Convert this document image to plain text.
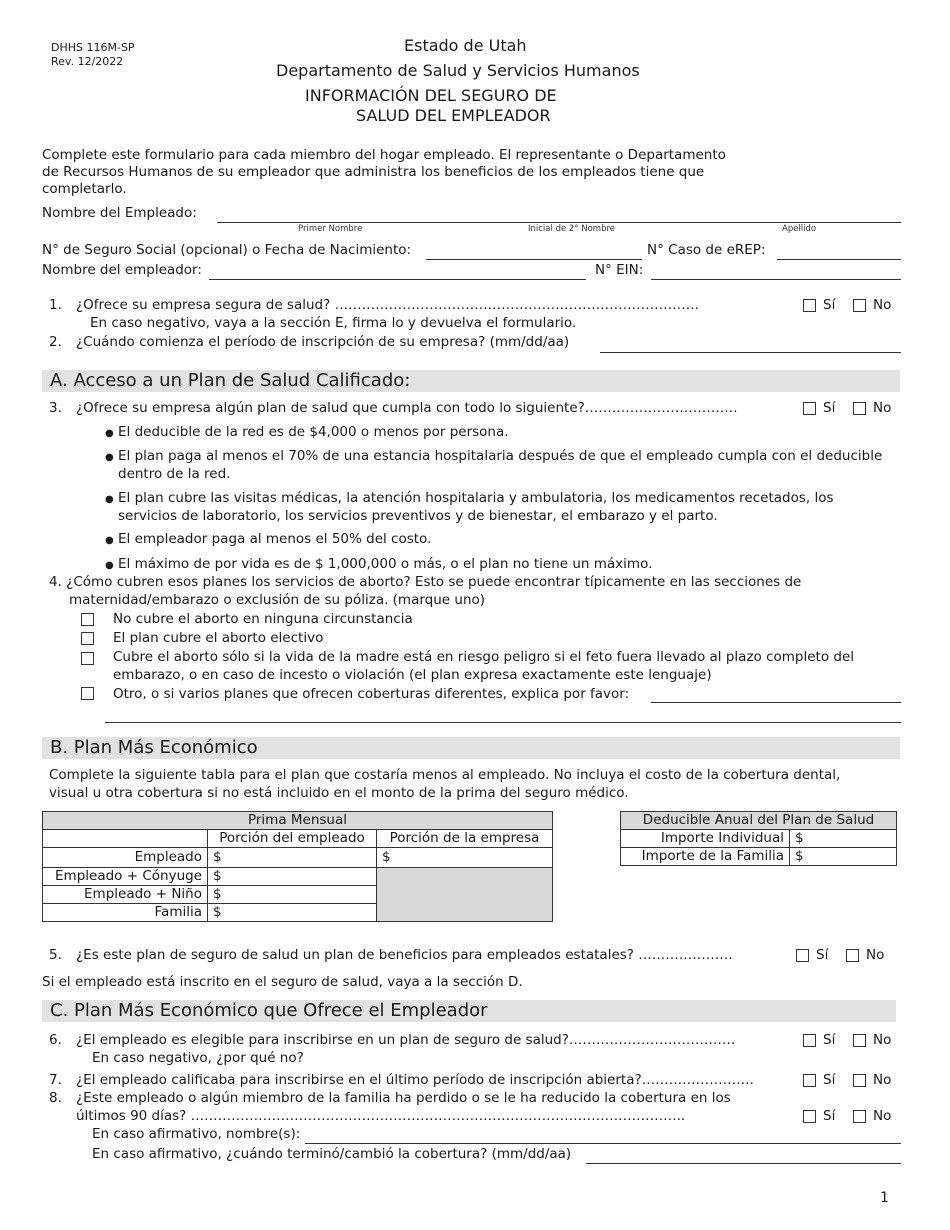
DHHS 116M-SP
Rev. 12/2022
Estado de Utah
Departamento de Salud y Servicios Humanos
INFORMACIÓN DEL SEGURO DE
SALUD DEL EMPLEADOR
Complete este formulario para cada miembro del hogar empleado. El representante o Departamento
de Recursos Humanos de su empleador que administra los beneficios de los empleados tiene que
completarlo.
Nombre del Empleado:
Primer Nombre	Inicial de 2° Nombre	Apellido
N° de Seguro Social (opcional) o Fecha de Nacimiento:	N° Caso de eREP:
Nombre del empleador:	N° EIN:
1. ¿Ofrece su empresa segura de salud? ………………………………………………………………………	Sí	No
En caso negativo, vaya a la sección E, firma lo y devuelva el formulario.
2. ¿Cuándo comienza el período de inscripción de su empresa? (mm/dd/aa)
A. Acceso a un Plan de Salud Calificado:
3. ¿Ofrece su empresa algún plan de salud que cumpla con todo lo siguiente?…………………………….	Sí	No
● El deducible de la red es de $4,000 o menos por persona.
● El plan paga al menos el 70% de una estancia hospitalaria después de que el empleado cumpla con el deducible
dentro de la red.
● El plan cubre las visitas médicas, la atención hospitalaria y ambulatoria, los medicamentos recetados, los
servicios de laboratorio, los servicios preventivos y de bienestar, el embarazo y el parto.
● El empleador paga al menos el 50% del costo.
● El máximo de por vida es de $ 1,000,000 o más, o el plan no tiene un máximo.
4. ¿Cómo cubren esos planes los servicios de aborto? Esto se puede encontrar típicamente en las secciones de
maternidad/embarazo o exclusión de su póliza. (marque uno)
No cubre el aborto en ninguna circunstancia
El plan cubre el aborto electivo
Cubre el aborto sólo si la vida de la madre está en riesgo peligro si el feto fuera llevado al plazo completo del
embarazo, o en caso de incesto o violación (el plan expresa exactamente este lenguaje)
Otro, o si varios planes que ofrecen coberturas diferentes, explica por favor:
B. Plan Más Económico
Complete la siguiente tabla para el plan que costaría menos al empleado. No incluya el costo de la cobertura dental,
visual u otra cobertura si no está incluido en el monto de la prima del seguro médico.
Prima Mensual		
	Porción del empleado	Porción de la empresa
Empleado	$	$
Empleado + Cónyuge	$	
Empleado + Niño	$	
Familia	$	
Deducible Anual del Plan de Salud	
Importe Individual	$
Importe de la Familia	$
5. ¿Es este plan de seguro de salud un plan de beneficios para empleados estatales? …………………	Sí	No
Si el empleado está inscrito en el seguro de salud, vaya a la sección D.
C. Plan Más Económico que Ofrece el Empleador
6. ¿El empleado es elegible para inscribirse en un plan de seguro de salud?……………………………….	Sí	No
En caso negativo, ¿por qué no?
7. ¿El empleado calificaba para inscribirse en el último período de inscripción abierta?…………………….	Sí	No
8. ¿Este empleado o algún miembro de la familia ha perdido o se le ha reducido la cobertura en los
últimos 90 días? ………………………………………………………………………………………………..	Sí	No
En caso afirmativo, nombre(s):
En caso afirmativo, ¿cuándo terminó/cambió la cobertura? (mm/dd/aa)
1
